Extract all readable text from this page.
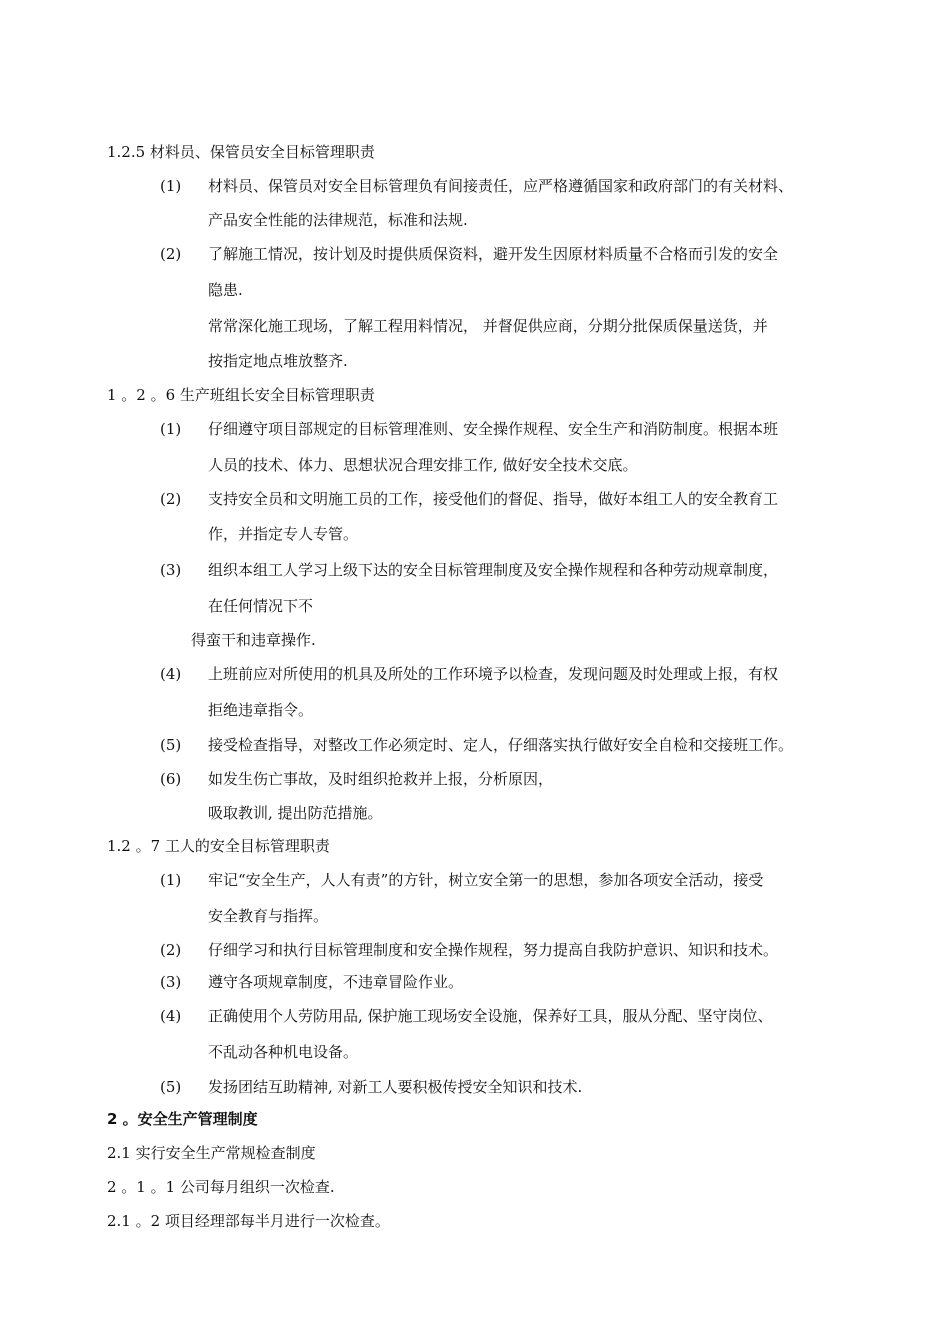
1.2.5 材料员、保管员安全目标管理职责
(1) 材料员、保管员对安全目标管理负有间接责任，应严格遵循国家和政府部门的有关材料、
产品安全性能的法律规范，标准和法规.
(2) 了解施工情况，按计划及时提供质保资料，避开发生因原材料质量不合格而引发的安全
隐患.
常常深化施工现场，了解工程用料情况， 并督促供应商，分期分批保质保量送货，并
按指定地点堆放整齐.
1 。2 。6 生产班组长安全目标管理职责
(1) 仔细遵守项目部规定的目标管理准则、安全操作规程、安全生产和消防制度。根据本班
人员的技术、体力、思想状况合理安排工作, 做好安全技术交底。
(2) 支持安全员和文明施工员的工作，接受他们的督促、指导，做好本组工人的安全教育工
作，并指定专人专管。
(3) 组织本组工人学习上级下达的安全目标管理制度及安全操作规程和各种劳动规章制度，
在任何情况下不
得蛮干和违章操作.
(4) 上班前应对所使用的机具及所处的工作环境予以检查，发现问题及时处理或上报，有权
拒绝违章指令。
(5) 接受检查指导，对整改工作必须定时、定人，仔细落实执行做好安全自检和交接班工作。
(6) 如发生伤亡事故，及时组织抢救并上报，分析原因，
吸取教训, 提出防范措施。
1.2 。7 工人的安全目标管理职责
(1) 牢记“安全生产，人人有责”的方针，树立安全第一的思想，参加各项安全活动，接受
安全教育与指挥。
(2) 仔细学习和执行目标管理制度和安全操作规程，努力提高自我防护意识、知识和技术。
(3) 遵守各项规章制度，不违章冒险作业。
(4) 正确使用个人劳防用品, 保护施工现场安全设施，保养好工具，服从分配、坚守岗位、
不乱动各种机电设备。
(5) 发扬团结互助精神, 对新工人要积极传授安全知识和技术.
2 。安全生产管理制度
2.1 实行安全生产常规检查制度
2 。1 。1 公司每月组织一次检查.
2.1 。2 项目经理部每半月进行一次检查。
